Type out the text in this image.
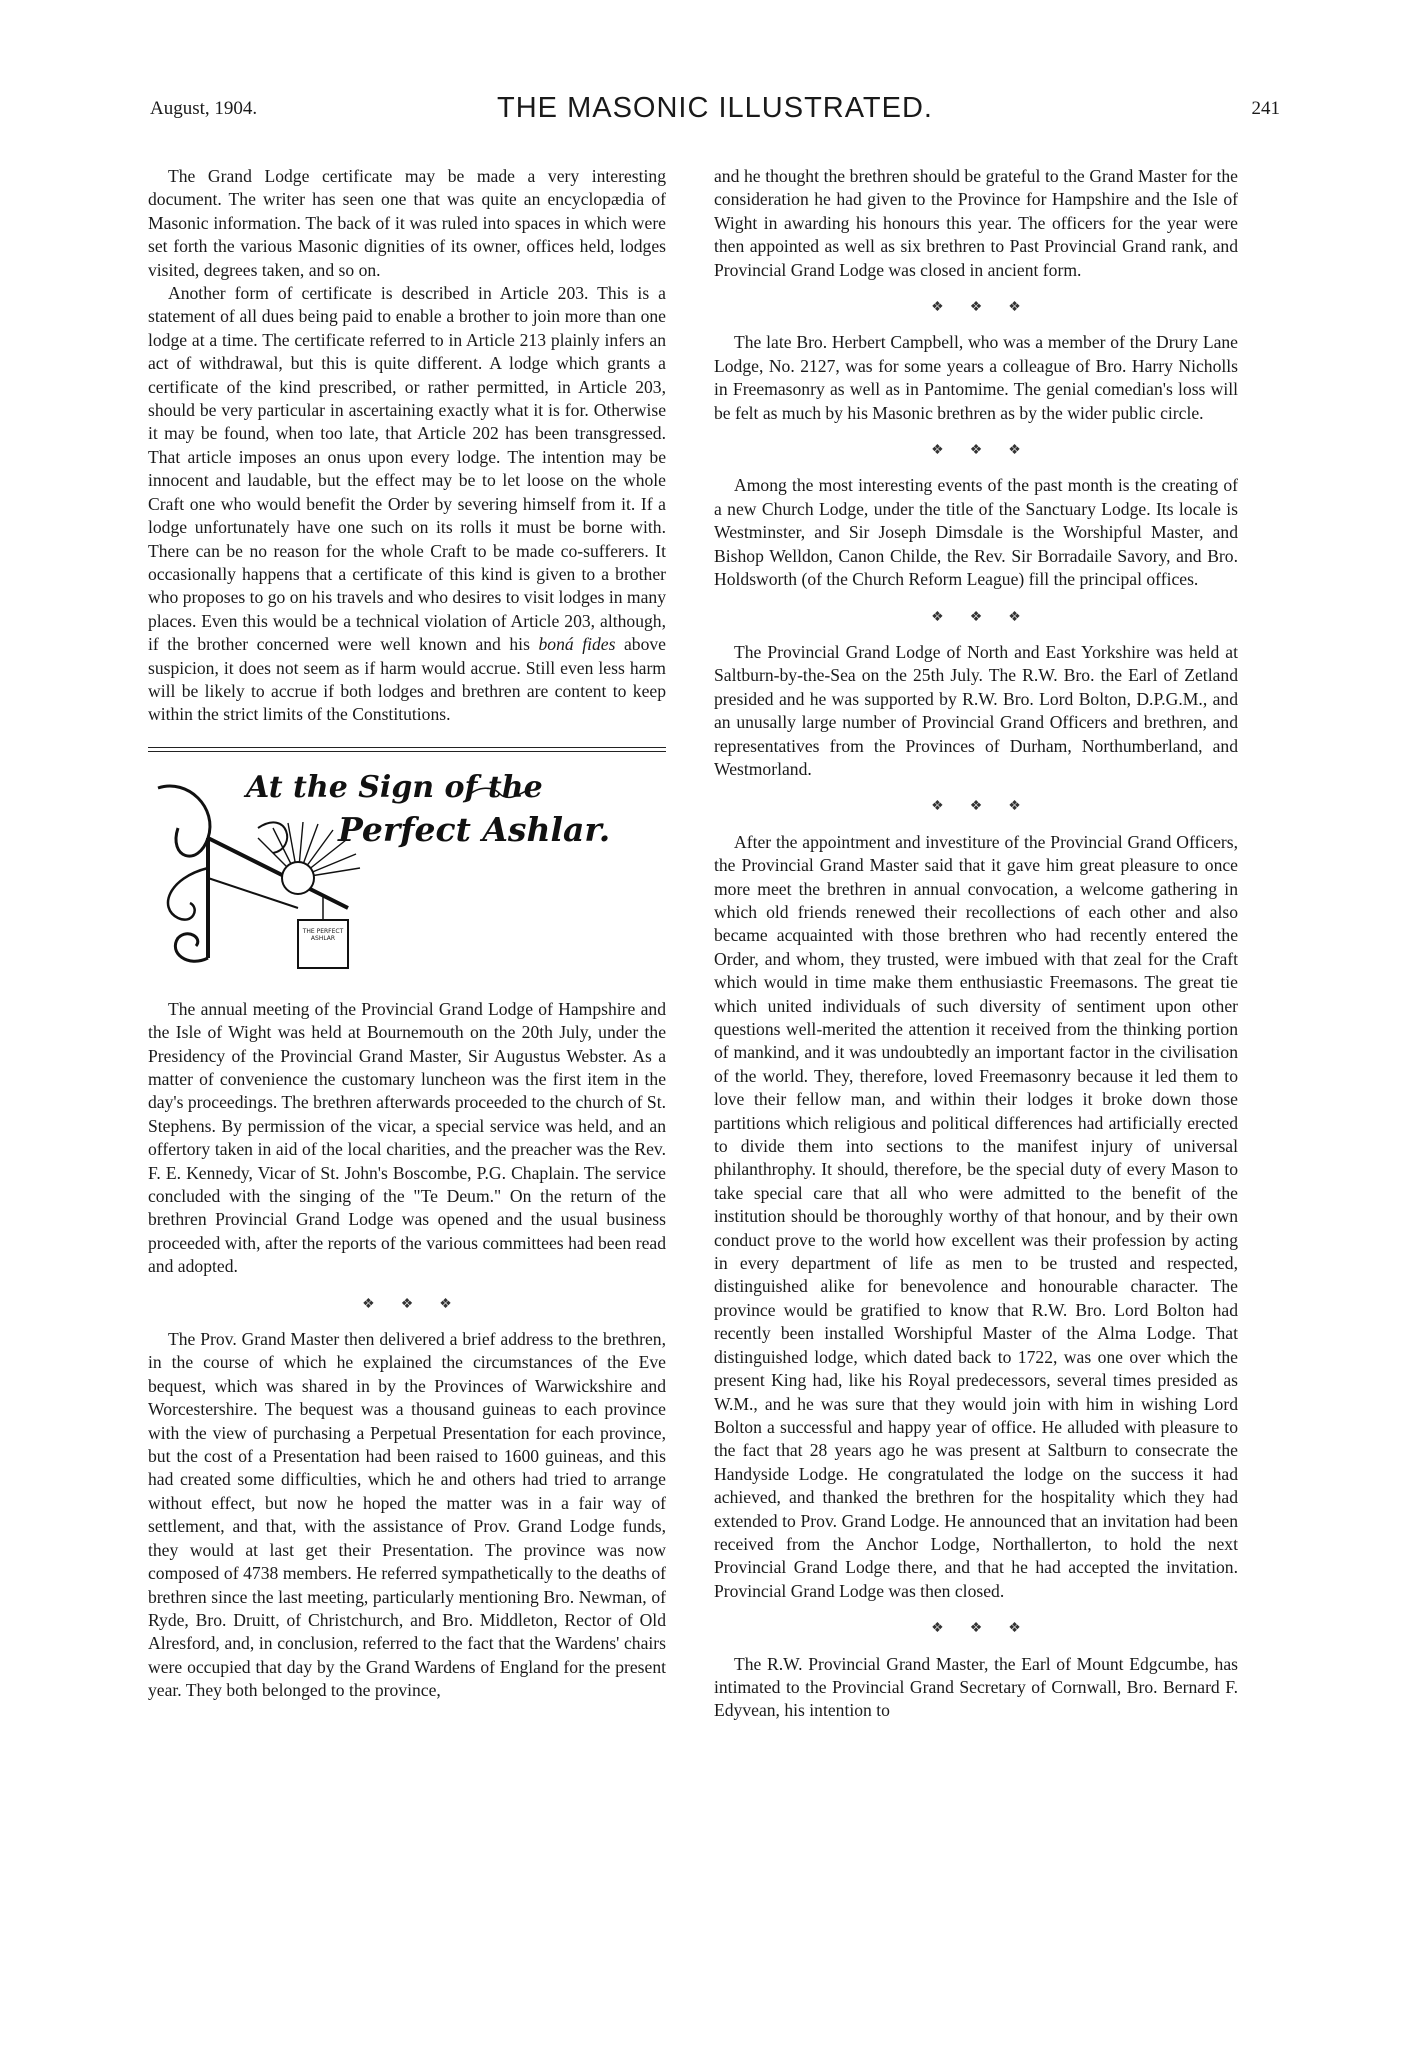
August, 1904.	THE MASONIC ILLUSTRATED.	241

The Grand Lodge certificate may be made a very interesting document. The writer has seen one that was quite an encyclopædia of Masonic information. The back of it was ruled into spaces in which were set forth the various Masonic dignities of its owner, offices held, lodges visited, degrees taken, and so on.

Another form of certificate is described in Article 203. This is a statement of all dues being paid to enable a brother to join more than one lodge at a time. The certificate referred to in Article 213 plainly infers an act of withdrawal, but this is quite different. A lodge which grants a certificate of the kind prescribed, or rather permitted, in Article 203, should be very particular in ascertaining exactly what it is for. Otherwise it may be found, when too late, that Article 202 has been transgressed. That article imposes an onus upon every lodge. The intention may be innocent and laudable, but the effect may be to let loose on the whole Craft one who would benefit the Order by severing himself from it. If a lodge unfortunately have one such on its rolls it must be borne with. There can be no reason for the whole Craft to be made co-sufferers. It occasionally happens that a certificate of this kind is given to a brother who proposes to go on his travels and who desires to visit lodges in many places. Even this would be a technical violation of Article 203, although, if the brother concerned were well known and his boná fides above suspicion, it does not seem as if harm would accrue. Still even less harm will be likely to accrue if both lodges and brethren are content to keep within the strict limits of the Constitutions.

At the Sign of the
Perfect Ashlar.
THE PERFECT ASHLAR

The annual meeting of the Provincial Grand Lodge of Hampshire and the Isle of Wight was held at Bournemouth on the 20th July, under the Presidency of the Provincial Grand Master, Sir Augustus Webster. As a matter of convenience the customary luncheon was the first item in the day's proceedings. The brethren afterwards proceeded to the church of St. Stephens. By permission of the vicar, a special service was held, and an offertory taken in aid of the local charities, and the preacher was the Rev. F. E. Kennedy, Vicar of St. John's Boscombe, P.G. Chaplain. The service concluded with the singing of the "Te Deum." On the return of the brethren Provincial Grand Lodge was opened and the usual business proceeded with, after the reports of the various committees had been read and adopted.

❖❖❖

The Prov. Grand Master then delivered a brief address to the brethren, in the course of which he explained the circumstances of the Eve bequest, which was shared in by the Provinces of Warwickshire and Worcestershire. The bequest was a thousand guineas to each province with the view of purchasing a Perpetual Presentation for each province, but the cost of a Presentation had been raised to 1600 guineas, and this had created some difficulties, which he and others had tried to arrange without effect, but now he hoped the matter was in a fair way of settlement, and that, with the assistance of Prov. Grand Lodge funds, they would at last get their Presentation. The province was now composed of 4738 members. He referred sympathetically to the deaths of brethren since the last meeting, particularly mentioning Bro. Newman, of Ryde, Bro. Druitt, of Christchurch, and Bro. Middleton, Rector of Old Alresford, and, in conclusion, referred to the fact that the Wardens' chairs were occupied that day by the Grand Wardens of England for the present year. They both belonged to the province,

and he thought the brethren should be grateful to the Grand Master for the consideration he had given to the Province for Hampshire and the Isle of Wight in awarding his honours this year. The officers for the year were then appointed as well as six brethren to Past Provincial Grand rank, and Provincial Grand Lodge was closed in ancient form.

❖❖❖

The late Bro. Herbert Campbell, who was a member of the Drury Lane Lodge, No. 2127, was for some years a colleague of Bro. Harry Nicholls in Freemasonry as well as in Pantomime. The genial comedian's loss will be felt as much by his Masonic brethren as by the wider public circle.

❖❖❖

Among the most interesting events of the past month is the creating of a new Church Lodge, under the title of the Sanctuary Lodge. Its locale is Westminster, and Sir Joseph Dimsdale is the Worshipful Master, and Bishop Welldon, Canon Childe, the Rev. Sir Borradaile Savory, and Bro. Holdsworth (of the Church Reform League) fill the principal offices.

❖❖❖

The Provincial Grand Lodge of North and East Yorkshire was held at Saltburn-by-the-Sea on the 25th July. The R.W. Bro. the Earl of Zetland presided and he was supported by R.W. Bro. Lord Bolton, D.P.G.M., and an unusally large number of Provincial Grand Officers and brethren, and representatives from the Provinces of Durham, Northumberland, and Westmorland.

❖❖❖

After the appointment and investiture of the Provincial Grand Officers, the Provincial Grand Master said that it gave him great pleasure to once more meet the brethren in annual convocation, a welcome gathering in which old friends renewed their recollections of each other and also became acquainted with those brethren who had recently entered the Order, and whom, they trusted, were imbued with that zeal for the Craft which would in time make them enthusiastic Freemasons. The great tie which united individuals of such diversity of sentiment upon other questions well-merited the attention it received from the thinking portion of mankind, and it was undoubtedly an important factor in the civilisation of the world. They, therefore, loved Freemasonry because it led them to love their fellow man, and within their lodges it broke down those partitions which religious and political differences had artificially erected to divide them into sections to the manifest injury of universal philanthrophy. It should, therefore, be the special duty of every Mason to take special care that all who were admitted to the benefit of the institution should be thoroughly worthy of that honour, and by their own conduct prove to the world how excellent was their profession by acting in every department of life as men to be trusted and respected, distinguished alike for benevolence and honourable character. The province would be gratified to know that R.W. Bro. Lord Bolton had recently been installed Worshipful Master of the Alma Lodge. That distinguished lodge, which dated back to 1722, was one over which the present King had, like his Royal predecessors, several times presided as W.M., and he was sure that they would join with him in wishing Lord Bolton a successful and happy year of office. He alluded with pleasure to the fact that 28 years ago he was present at Saltburn to consecrate the Handyside Lodge. He congratulated the lodge on the success it had achieved, and thanked the brethren for the hospitality which they had extended to Prov. Grand Lodge. He announced that an invitation had been received from the Anchor Lodge, Northallerton, to hold the next Provincial Grand Lodge there, and that he had accepted the invitation. Provincial Grand Lodge was then closed.

❖❖❖

The R.W. Provincial Grand Master, the Earl of Mount Edgcumbe, has intimated to the Provincial Grand Secretary of Cornwall, Bro. Bernard F. Edyvean, his intention to
